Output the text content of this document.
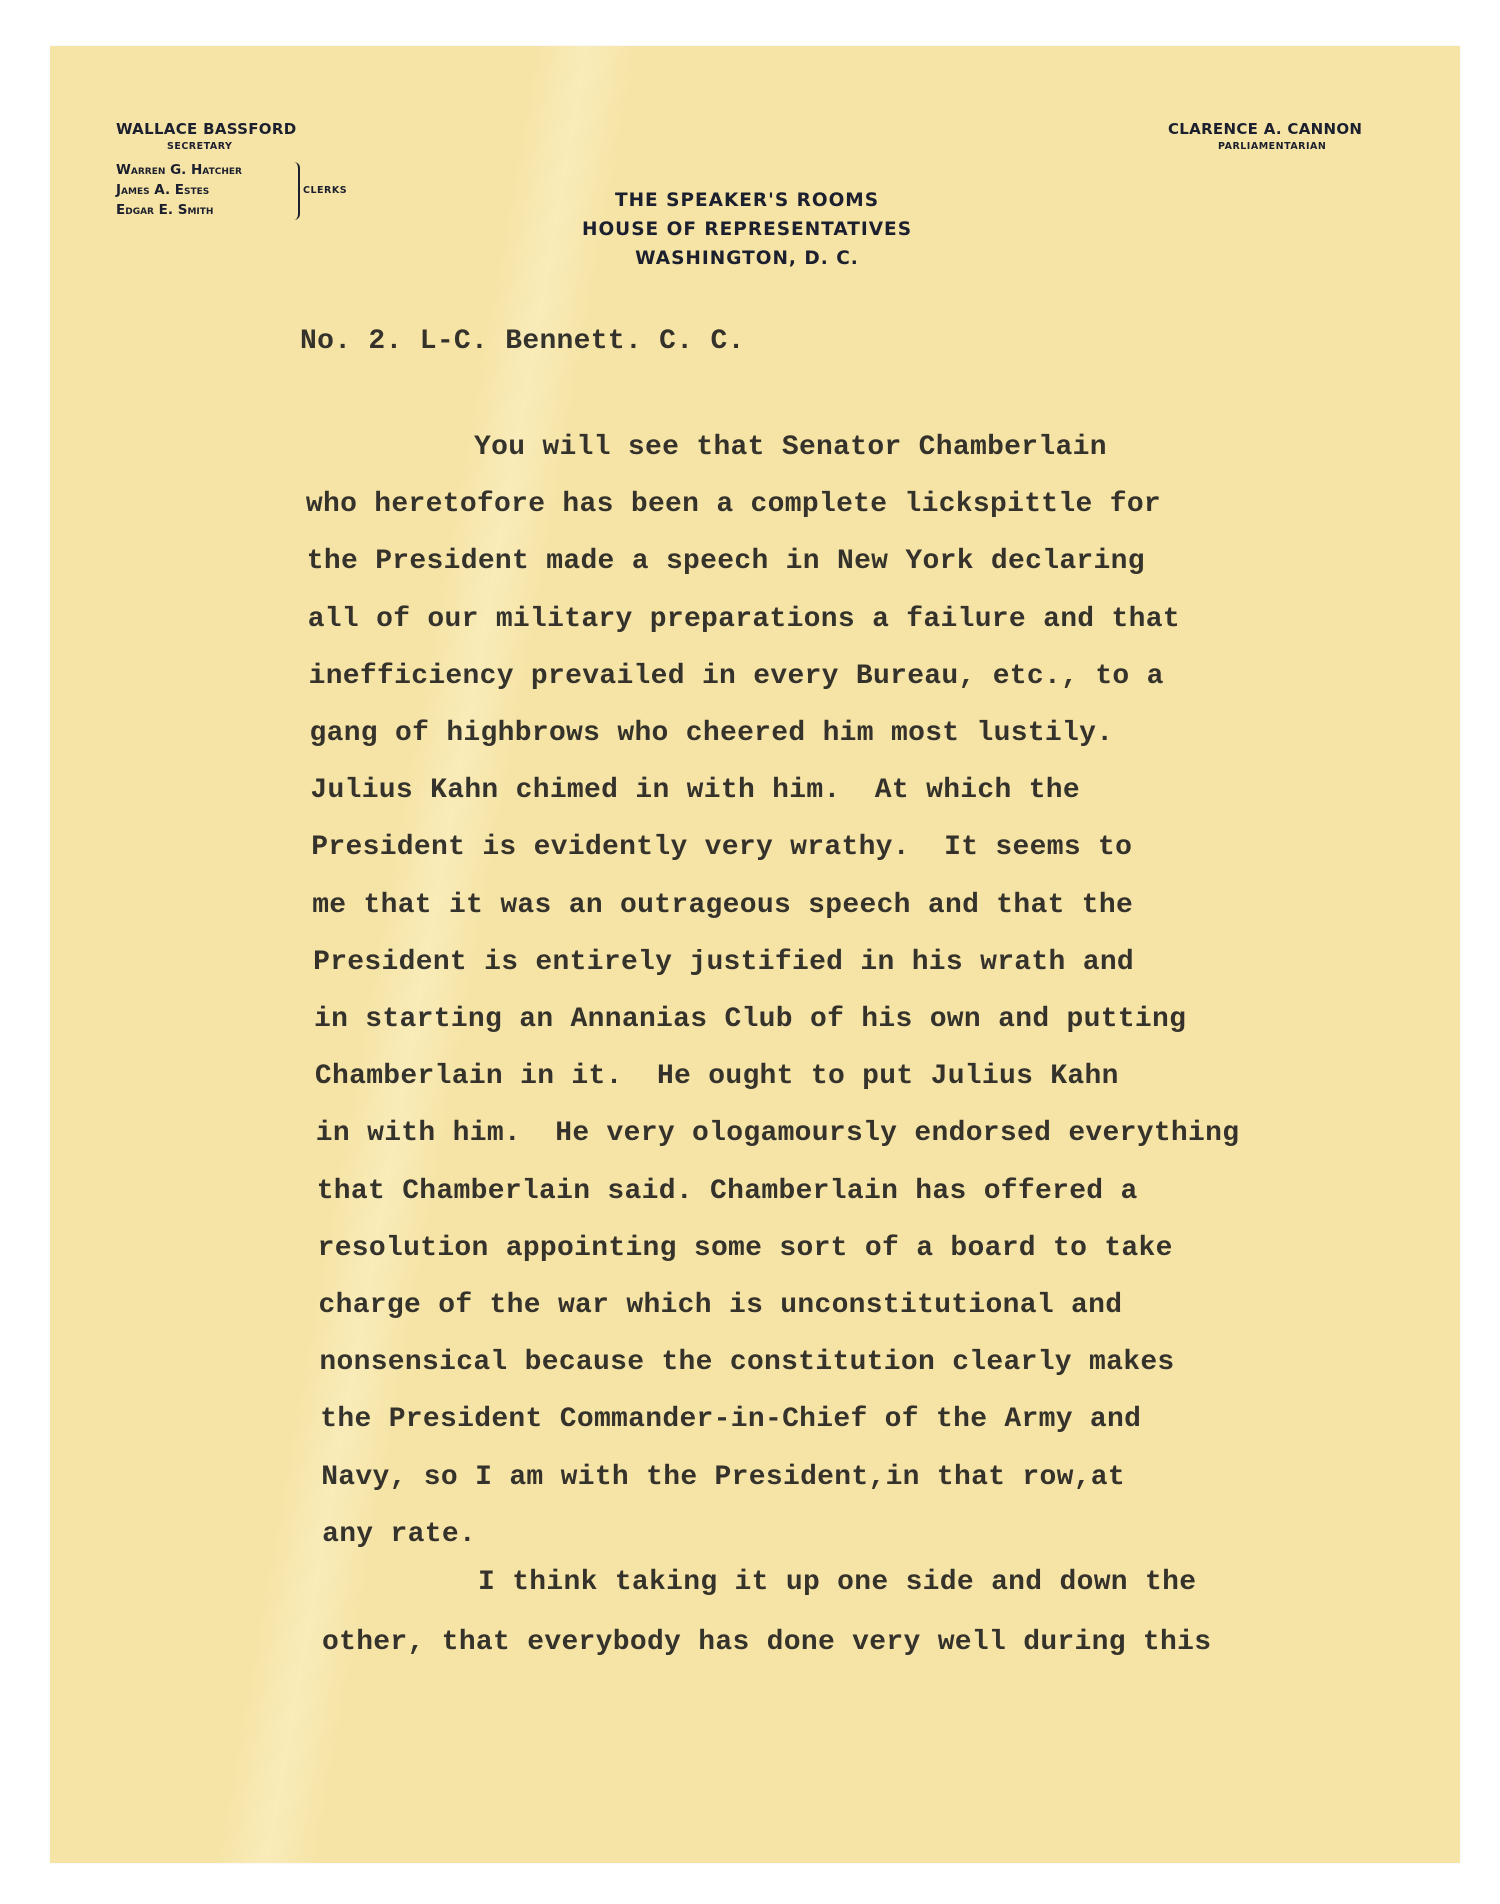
WALLACE BASSFORD
SECRETARY
Warren G. Hatcher
James A. Estes
Edgar E. Smith
CLERKS
CLARENCE A. CANNON
PARLIAMENTARIAN
THE SPEAKER'S ROOMS
HOUSE OF REPRESENTATIVES
WASHINGTON, D. C.
No. 2. L-C. Bennett. C. C.
You will see that Senator Chamberlain
who heretofore has been a complete lickspittle for
the President made a speech in New York declaring
all of our military preparations a failure and that
inefficiency prevailed in every Bureau, etc., to a
gang of highbrows who cheered him most lustily.
Julius Kahn chimed in with him.  At which the
President is evidently very wrathy.  It seems to
me that it was an outrageous speech and that the
President is entirely justified in his wrath and
in starting an Annanias Club of his own and putting
Chamberlain in it.  He ought to put Julius Kahn
in with him.  He very ologamoursly endorsed everything
that Chamberlain said. Chamberlain has offered a
resolution appointing some sort of a board to take
charge of the war which is unconstitutional and
nonsensical because the constitution clearly makes
the President Commander-in-Chief of the Army and
Navy, so I am with the President,in that row,at
any rate.
I think taking it up one side and down the
other, that everybody has done very well during this
